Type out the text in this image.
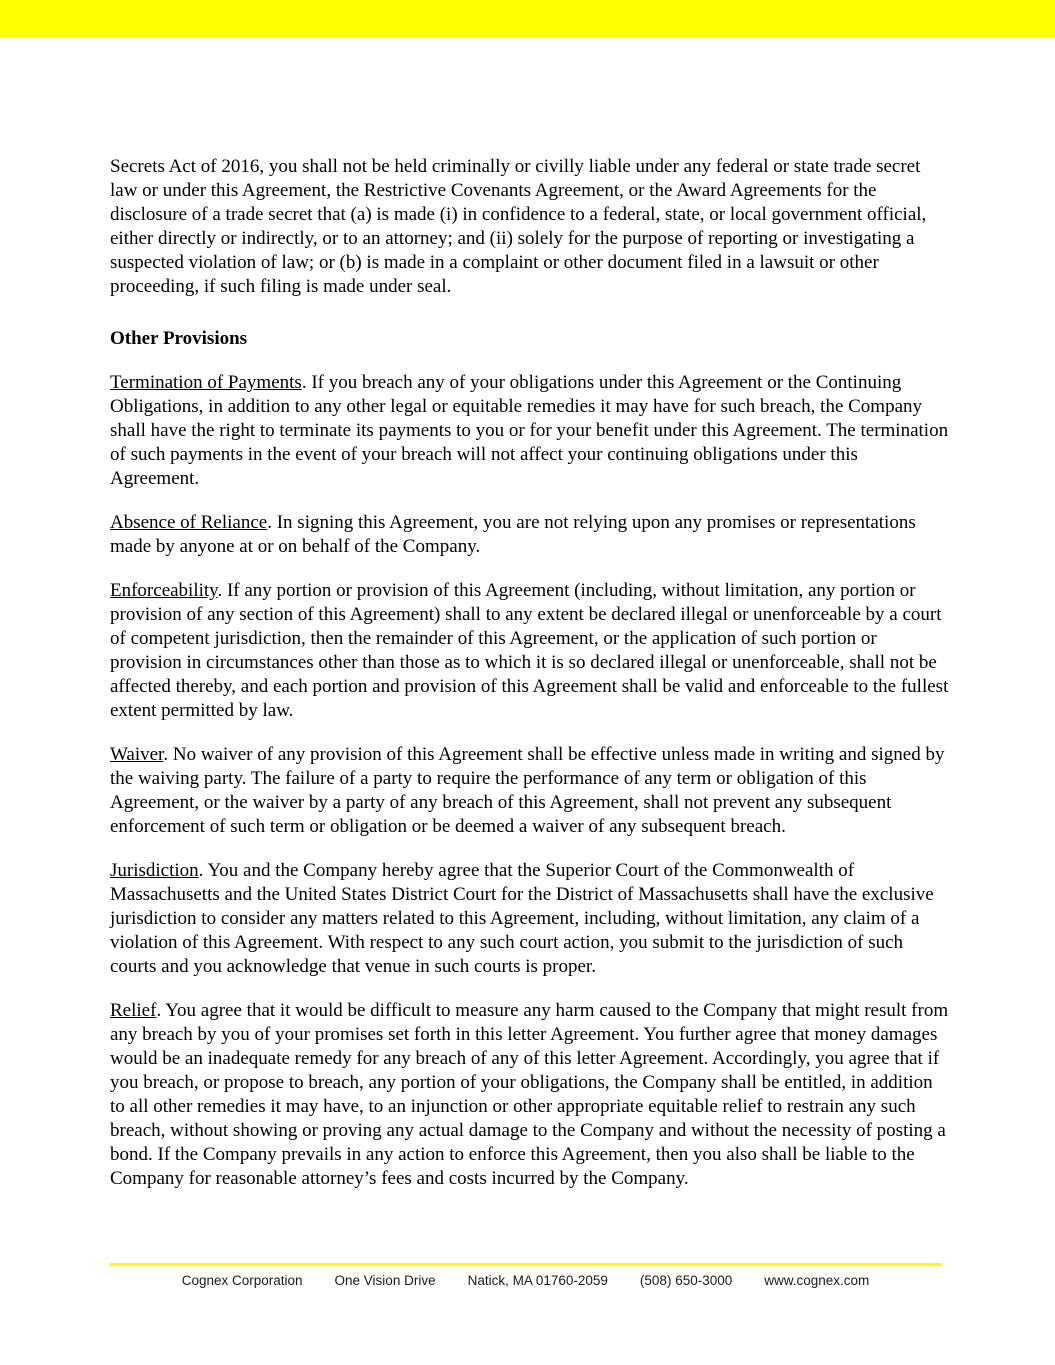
Secrets Act of 2016, you shall not be held criminally or civilly liable under any federal or state trade secret law or under this Agreement, the Restrictive Covenants Agreement, or the Award Agreements for the disclosure of a trade secret that (a) is made (i) in confidence to a federal, state, or local government official, either directly or indirectly, or to an attorney; and (ii) solely for the purpose of reporting or investigating a suspected violation of law; or (b) is made in a complaint or other document filed in a lawsuit or other proceeding, if such filing is made under seal.

Other Provisions

Termination of Payments. If you breach any of your obligations under this Agreement or the Continuing Obligations, in addition to any other legal or equitable remedies it may have for such breach, the Company shall have the right to terminate its payments to you or for your benefit under this Agreement. The termination of such payments in the event of your breach will not affect your continuing obligations under this Agreement.

Absence of Reliance. In signing this Agreement, you are not relying upon any promises or representations made by anyone at or on behalf of the Company.

Enforceability. If any portion or provision of this Agreement (including, without limitation, any portion or provision of any section of this Agreement) shall to any extent be declared illegal or unenforceable by a court of competent jurisdiction, then the remainder of this Agreement, or the application of such portion or provision in circumstances other than those as to which it is so declared illegal or unenforceable, shall not be affected thereby, and each portion and provision of this Agreement shall be valid and enforceable to the fullest extent permitted by law.

Waiver. No waiver of any provision of this Agreement shall be effective unless made in writing and signed by the waiving party. The failure of a party to require the performance of any term or obligation of this Agreement, or the waiver by a party of any breach of this Agreement, shall not prevent any subsequent enforcement of such term or obligation or be deemed a waiver of any subsequent breach.

Jurisdiction. You and the Company hereby agree that the Superior Court of the Commonwealth of Massachusetts and the United States District Court for the District of Massachusetts shall have the exclusive jurisdiction to consider any matters related to this Agreement, including, without limitation, any claim of a violation of this Agreement. With respect to any such court action, you submit to the jurisdiction of such courts and you acknowledge that venue in such courts is proper.

Relief. You agree that it would be difficult to measure any harm caused to the Company that might result from any breach by you of your promises set forth in this letter Agreement. You further agree that money damages would be an inadequate remedy for any breach of any of this letter Agreement. Accordingly, you agree that if you breach, or propose to breach, any portion of your obligations, the Company shall be entitled, in addition to all other remedies it may have, to an injunction or other appropriate equitable relief to restrain any such breach, without showing or proving any actual damage to the Company and without the necessity of posting a bond. If the Company prevails in any action to enforce this Agreement, then you also shall be liable to the Company for reasonable attorney’s fees and costs incurred by the Company.

Cognex Corporation One Vision Drive Natick, MA 01760-2059 (508) 650-3000 www.cognex.com
